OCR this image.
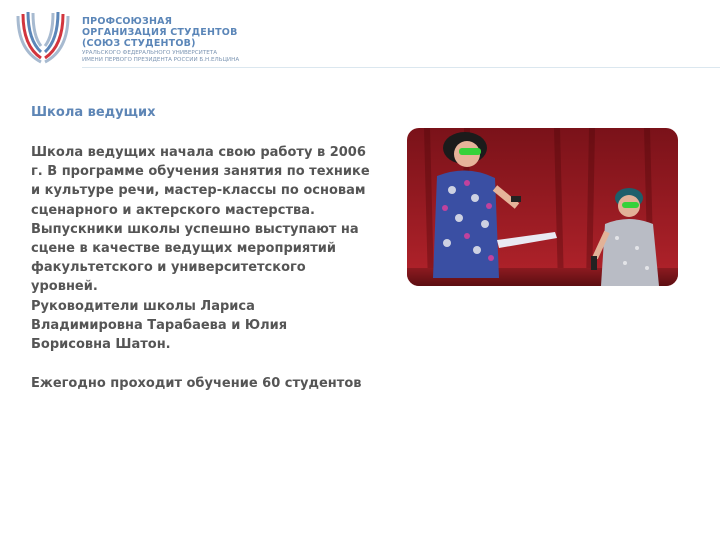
ПРОФСОЮЗНАЯ
ОРГАНИЗАЦИЯ СТУДЕНТОВ
(СОЮЗ СТУДЕНТОВ)
УРАЛЬСКОГО ФЕДЕРАЛЬНОГО УНИВЕРСИТЕТА
ИМЕНИ ПЕРВОГО ПРЕЗИДЕНТА РОССИИ Б.Н.ЕЛЬЦИНА
Школа ведущих
Школа ведущих начала свою работу в 2006 г. В программе обучения занятия по технике и культуре речи, мастер-классы по основам сценарного и актерского мастерства.
Выпускники школы успешно выступают на сцене в качестве ведущих мероприятий факультетского и университетского уровней.
Руководители школы Лариса Владимировна Тарабаева и Юлия Борисовна Шатон.
Ежегодно проходит обучение 60 студентов
